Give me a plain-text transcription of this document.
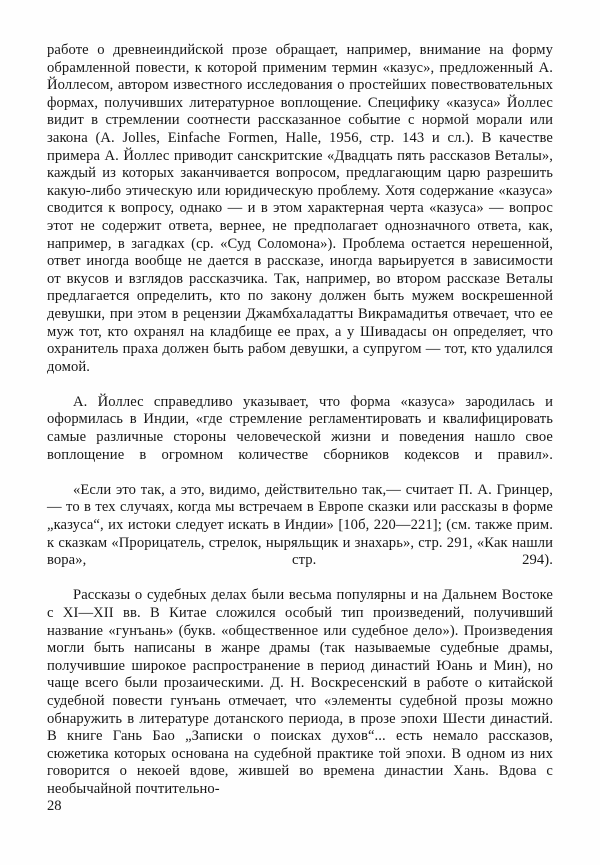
работе о древнеиндийской прозе обращает, например, внимание на форму обрамленной повести, к которой применим термин «казус», предложенный А. Йоллесом, автором известного исследования о простейших повествовательных формах, получивших литературное воплощение. Специфику «казуса» Йоллес видит в стремлении соотнести рассказанное событие с нормой морали или закона (A. Jolles, Einfache Formen, Halle, 1956, стр. 143 и сл.). В качестве примера А. Йоллес приводит санскритские «Двадцать пять рассказов Веталы», каждый из которых заканчивается вопросом, предлагающим царю разрешить какую-либо этическую или юридическую проблему. Хотя содержание «казуса» сводится к вопросу, однако — и в этом характерная черта «казуса» — вопрос этот не содержит ответа, вернее, не предполагает однозначного ответа, как, например, в загадках (ср. «Суд Соломона»). Проблема остается нерешенной, ответ иногда вообще не дается в рассказе, иногда варьируется в зависимости от вкусов и взглядов рассказчика. Так, например, во втором рассказе Веталы предлагается определить, кто по закону должен быть мужем воскрешенной девушки, при этом в рецензии Джамбхаладатты Викрамадитья отвечает, что ее муж тот, кто охранял на кладбище ее прах, а у Шивадасы он определяет, что охранитель праха должен быть рабом девушки, а супругом — тот, кто удалился домой.

А. Йоллес справедливо указывает, что форма «казуса» зародилась и оформилась в Индии, «где стремление регламентировать и квалифицировать самые различные стороны человеческой жизни и поведения нашло свое воплощение в огромном количестве сборников кодексов и правил».

«Если это так, а это, видимо, действительно так,— считает П. А. Гринцер,— то в тех случаях, когда мы встречаем в Европе сказки или рассказы в форме „казуса“, их истоки следует искать в Индии» [10б, 220—221]; (см. также прим. к сказкам «Прорицатель, стрелок, ныряльщик и знахарь», стр. 291, «Как нашли вора», стр. 294).

Рассказы о судебных делах были весьма популярны и на Дальнем Востоке с XI—XII вв. В Китае сложился особый тип произведений, получивший название «гунъань» (букв. «общественное или судебное дело»). Произведения могли быть написаны в жанре драмы (так называемые судебные драмы, получившие широкое распространение в период династий Юань и Мин), но чаще всего были прозаическими. Д. Н. Воскресенский в работе о китайской судебной повести гунъань отмечает, что «элементы судебной прозы можно обнаружить в литературе дотанского периода, в прозе эпохи Шести династий. В книге Гань Бао „Записки о поисках духов“... есть немало рассказов, сюжетика которых основана на судебной практике той эпохи. В одном из них говорится о некоей вдове, жившей во времена династии Хань. Вдова с необычайной почтительно-

28
